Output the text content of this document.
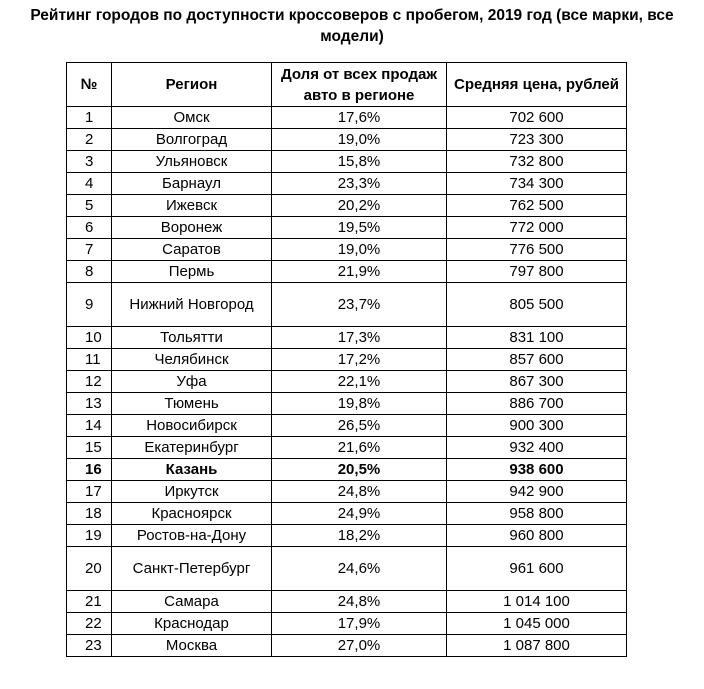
Рейтинг городов по доступности кроссоверов с пробегом, 2019 год (все марки, все модели)
№	Регион	Доля от всех продаж авто в регионе	Средняя цена, рублей
1	Омск	17,6%	702 600
2	Волгоград	19,0%	723 300
3	Ульяновск	15,8%	732 800
4	Барнаул	23,3%	734 300
5	Ижевск	20,2%	762 500
6	Воронеж	19,5%	772 000
7	Саратов	19,0%	776 500
8	Пермь	21,9%	797 800
9	Нижний Новгород	23,7%	805 500
10	Тольятти	17,3%	831 100
11	Челябинск	17,2%	857 600
12	Уфа	22,1%	867 300
13	Тюмень	19,8%	886 700
14	Новосибирск	26,5%	900 300
15	Екатеринбург	21,6%	932 400
16	Казань	20,5%	938 600
17	Иркутск	24,8%	942 900
18	Красноярск	24,9%	958 800
19	Ростов-на-Дону	18,2%	960 800
20	Санкт-Петербург	24,6%	961 600
21	Самара	24,8%	1 014 100
22	Краснодар	17,9%	1 045 000
23	Москва	27,0%	1 087 800
